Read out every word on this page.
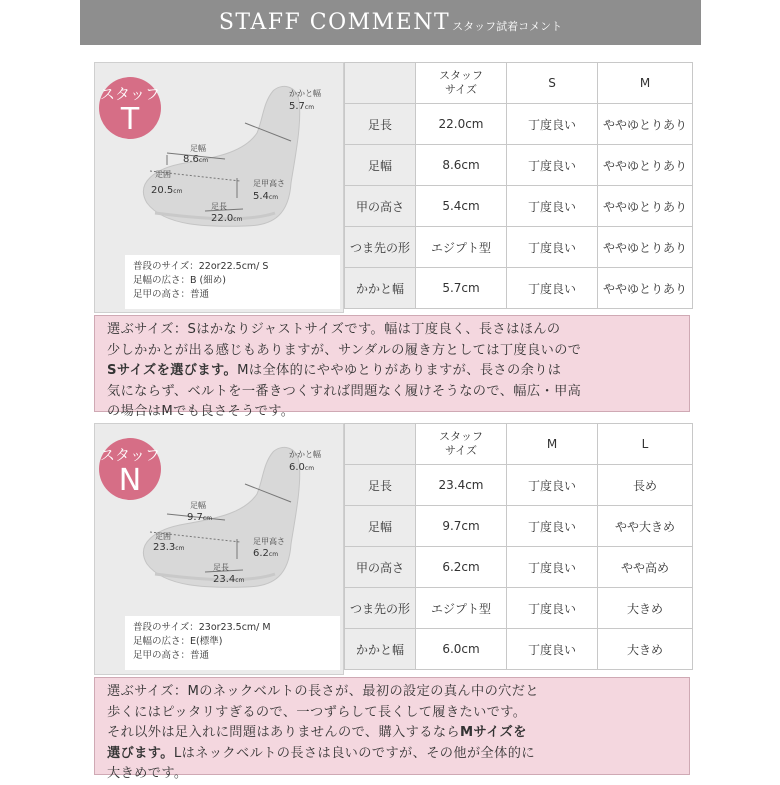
STAFF COMMENT スタッフ試着コメント
足幅
8.6cm
足囲
20.5cm
足甲高さ
5.4cm
足長
22.0cm
かかと幅
5.7cm
スタッフ
T
普段のサイズ：22or22.5cm/ S
足幅の広さ：B (細め)
足甲の高さ：普通
	スタッフ
サイズ	S	M
足長	22.0cm	丁度良い	ややゆとりあり
足幅	8.6cm	丁度良い	ややゆとりあり
甲の高さ	5.4cm	丁度良い	ややゆとりあり
つま先の形	エジプト型	丁度良い	ややゆとりあり
かかと幅	5.7cm	丁度良い	ややゆとりあり
選ぶサイズ：Sはかなりジャストサイズです。幅は丁度良く、長さはほんの
少しかかとが出る感じもありますが、サンダルの履き方としては丁度良いので
Sサイズを選びます。Mは全体的にややゆとりがありますが、長さの余りは
気にならず、ベルトを一番きつくすれば問題なく履けそうなので、幅広・甲高
の場合はMでも良さそうです。
足幅
9.7cm
足囲
23.3cm
足甲高さ
6.2cm
足長
23.4cm
かかと幅
6.0cm
スタッフ
N
普段のサイズ：23or23.5cm/ M
足幅の広さ：E(標準)
足甲の高さ：普通
	スタッフ
サイズ	M	L
足長	23.4cm	丁度良い	長め
足幅	9.7cm	丁度良い	やや大きめ
甲の高さ	6.2cm	丁度良い	やや高め
つま先の形	エジプト型	丁度良い	大きめ
かかと幅	6.0cm	丁度良い	大きめ
選ぶサイズ：Mのネックベルトの長さが、最初の設定の真ん中の穴だと
歩くにはピッタリすぎるので、一つずらして長くして履きたいです。
それ以外は足入れに問題はありませんので、購入するならMサイズを
選びます。Lはネックベルトの長さは良いのですが、その他が全体的に
大きめです。
